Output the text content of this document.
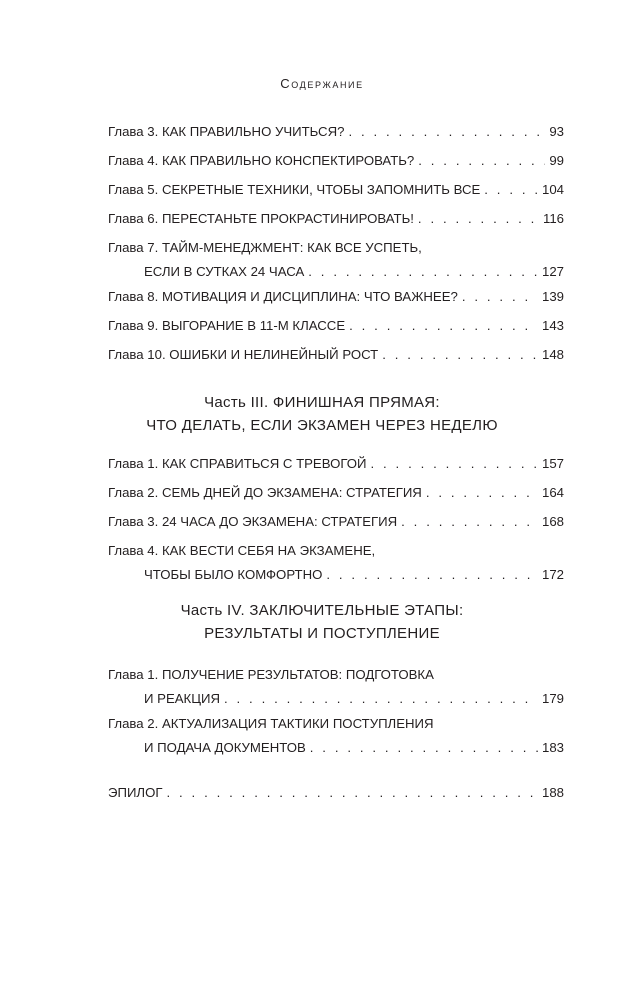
Содержание
Глава 3. КАК ПРАВИЛЬНО УЧИТЬСЯ? . . .	93
Глава 4. КАК ПРАВИЛЬНО КОНСПЕКТИРОВАТЬ? . . .	99
Глава 5. СЕКРЕТНЫЕ ТЕХНИКИ, ЧТОБЫ ЗАПОМНИТЬ ВСЕ . . .	104
Глава 6. ПЕРЕСТАНЬТЕ ПРОКРАСТИНИРОВАТЬ! . . .	116
Глава 7. ТАЙМ-МЕНЕДЖМЕНТ: КАК ВСЕ УСПЕТЬ,
ЕСЛИ В СУТКАХ 24 ЧАСА . . .	127
Глава 8. МОТИВАЦИЯ И ДИСЦИПЛИНА: ЧТО ВАЖНЕЕ? . . .	139
Глава 9. ВЫГОРАНИЕ В 11-М КЛАССЕ . . .	143
Глава 10. ОШИБКИ И НЕЛИНЕЙНЫЙ РОСТ . . .	148
Часть III. ФИНИШНАЯ ПРЯМАЯ:
ЧТО ДЕЛАТЬ, ЕСЛИ ЭКЗАМЕН ЧЕРЕЗ НЕДЕЛЮ
Глава 1. КАК СПРАВИТЬСЯ С ТРЕВОГОЙ . . .	157
Глава 2. СЕМЬ ДНЕЙ ДО ЭКЗАМЕНА: СТРАТЕГИЯ . . .	164
Глава 3. 24 ЧАСА ДО ЭКЗАМЕНА: СТРАТЕГИЯ . . .	168
Глава 4. КАК ВЕСТИ СЕБЯ НА ЭКЗАМЕНЕ,
ЧТОБЫ БЫЛО КОМФОРТНО . . .	172
Часть IV. ЗАКЛЮЧИТЕЛЬНЫЕ ЭТАПЫ:
РЕЗУЛЬТАТЫ И ПОСТУПЛЕНИЕ
Глава 1. ПОЛУЧЕНИЕ РЕЗУЛЬТАТОВ: ПОДГОТОВКА
И РЕАКЦИЯ . . .	179
Глава 2. АКТУАЛИЗАЦИЯ ТАКТИКИ ПОСТУПЛЕНИЯ
И ПОДАЧА ДОКУМЕНТОВ . . .	183
ЭПИЛОГ . . .	188
